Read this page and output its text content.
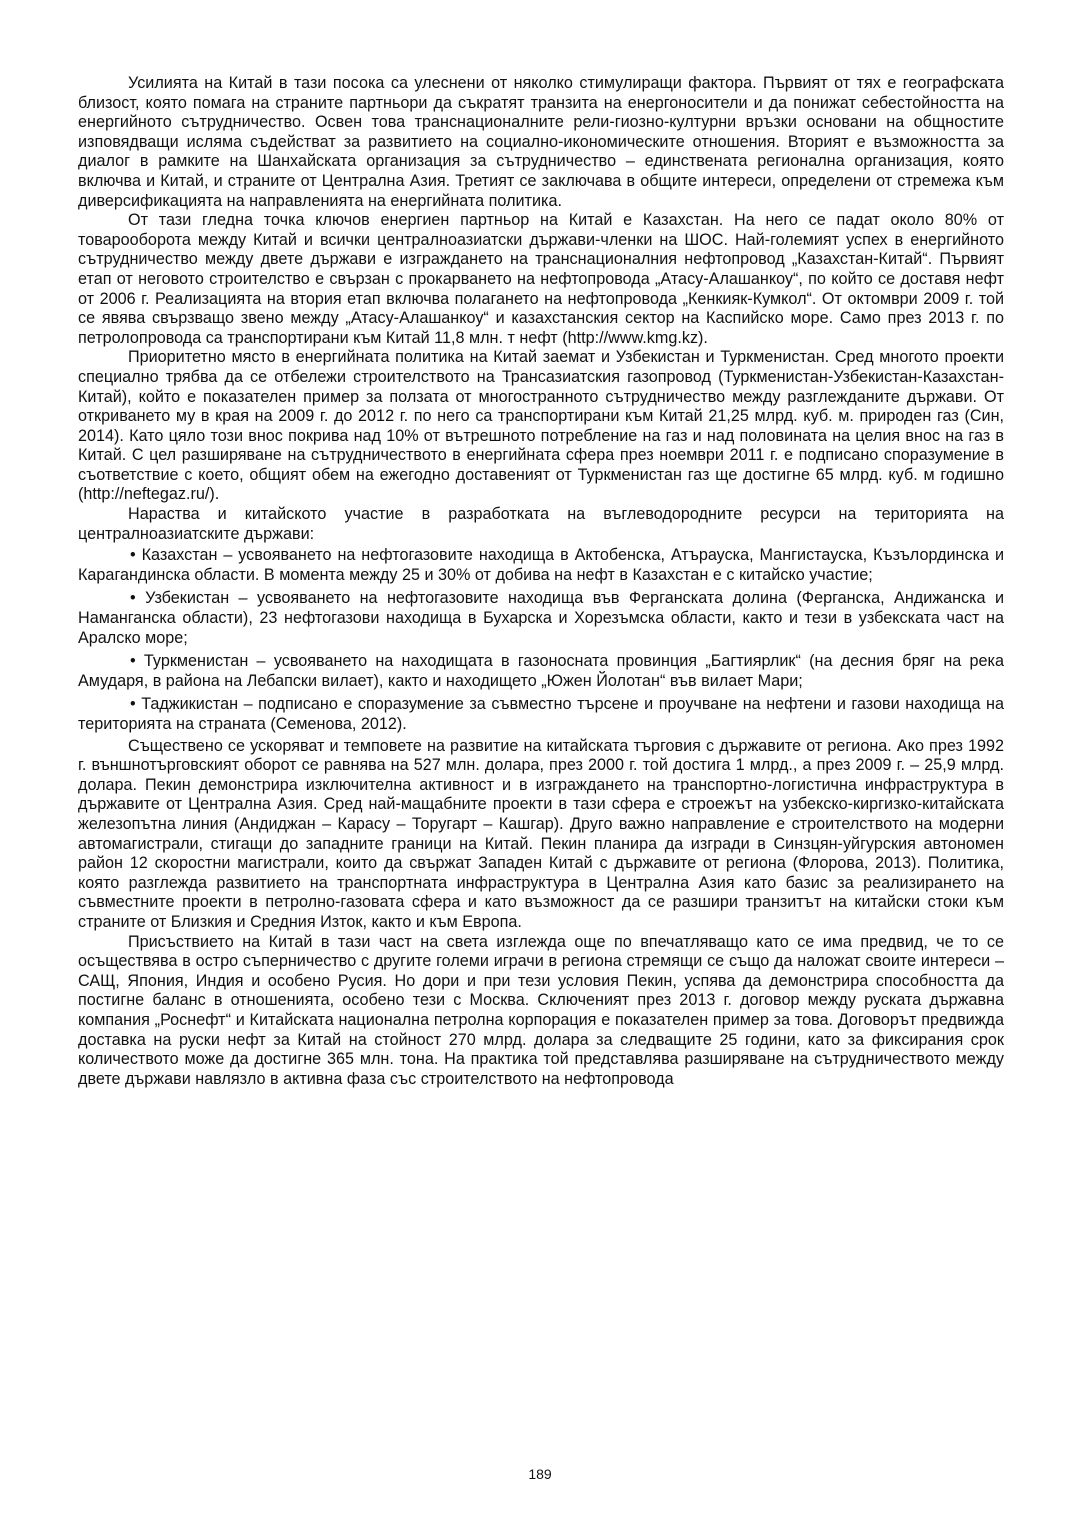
Усилията на Китай в тази посока са улеснени от няколко стимулиращи фактора. Първият от тях е географската близост, която помага на страните партньори да съкратят транзита на енергоносители и да понижат себестойността на енергийното сътрудничество. Освен това транснационалните рели-гиозно-културни връзки основани на общностите изповядващи исляма съдействат за развитието на социално-икономическите отношения. Вторият е възможността за диалог в рамките на Шанхайската организация за сътрудничество – единствената регионална организация, която включва и Китай, и страните от Централна Азия. Третият се заключава в общите интереси, определени от стремежа към диверсификацията на направленията на енергийната политика.

От тази гледна точка ключов енергиен партньор на Китай е Казахстан. На него се падат около 80% от товарооборота между Китай и всички централноазиатски държави-членки на ШОС. Най-големият успех в енергийното сътрудничество между двете държави е изграждането на транснационалния нефтопровод „Казахстан-Китай“. Първият етап от неговото строителство е свързан с прокарването на нефтопровода „Атасу-Алашанкоу“, по който се доставя нефт от 2006 г. Реализацията на втория етап включва полагането на нефтопровода „Кенкияк-Кумкол“. От октомври 2009 г. той се явява свързващо звено между „Атасу-Алашанкоу“ и казахстанския сектор на Каспийско море. Само през 2013 г. по петролопровода са транспортирани към Китай 11,8 млн. т нефт (http://www.kmg.kz).

Приоритетно място в енергийната политика на Китай заемат и Узбекистан и Туркменистан. Сред многото проекти специално трябва да се отбележи строителството на Трансазиатския газопровод (Туркменистан-Узбекистан-Казахстан-Китай), който е показателен пример за ползата от многостранното сътрудничество между разглежданите държави. От откриването му в края на 2009 г. до 2012 г. по него са транспортирани към Китай 21,25 млрд. куб. м. природен газ (Син, 2014). Като цяло този внос покрива над 10% от вътрешното потребление на газ и над половината на целия внос на газ в Китай. С цел разширяване на сътрудничеството в енергийната сфера през ноември 2011 г. е подписано споразумение в съответствие с което, общият обем на ежегодно доставеният от Туркменистан газ ще достигне 65 млрд. куб. м годишно (http://neftegaz.ru/).

Нараства и китайското участие в разработката на въглеводородните ресурси на територията на централноазиатските държави:

• Казахстан – усвояването на нефтогазовите находища в Актобенска, Атърауска, Мангистауска, Къзълординска и Карагандинска области. В момента между 25 и 30% от добива на нефт в Казахстан е с китайско участие;

• Узбекистан – усвояването на нефтогазовите находища във Ферганската долина (Ферганска, Андижанска и Наманганска области), 23 нефтогазови находища в Бухарска и Хорезъмска области, както и тези в узбекската част на Аралско море;

• Туркменистан – усвояването на находищата в газоносната провинция „Багтиярлик“ (на десния бряг на река Амударя, в района на Лебапски вилает), както и находището „Южен Йолотан“ във вилает Мари;

• Таджикистан – подписано е споразумение за съвместно търсене и проучване на нефтени и газови находища на територията на страната (Семенова, 2012).

Съществено се ускоряват и темповете на развитие на китайската търговия с държавите от региона. Ако през 1992 г. външнотърговският оборот се равнява на 527 млн. долара, през 2000 г. той достига 1 млрд., а през 2009 г. – 25,9 млрд. долара. Пекин демонстрира изключителна активност и в изграждането на транспортно-логистична инфраструктура в държавите от Централна Азия. Сред най-мащабните проекти в тази сфера е строежът на узбекско-киргизко-китайската железопътна линия (Андиджан – Карасу – Торугарт – Кашгар). Друго важно направление е строителството на модерни автомагистрали, стигащи до западните граници на Китай. Пекин планира да изгради в Синзцян-уйгурския автономен район 12 скоростни магистрали, които да свържат Западен Китай с държавите от региона (Флорова, 2013). Политика, която разглежда развитието на транспортната инфраструктура в Централна Азия като базис за реализирането на съвместните проекти в петролно-газовата сфера и като възможност да се разшири транзитът на китайски стоки към страните от Близкия и Средния Изток, както и към Европа.

Присъствието на Китай в тази част на света изглежда още по впечатляващо като се има предвид, че то се осъществява в остро съперничество с другите големи играчи в региона стремящи се също да наложат своите интереси – САЩ, Япония, Индия и особено Русия. Но дори и при тези условия Пекин, успява да демонстрира способността да постигне баланс в отношенията, особено тези с Москва. Сключеният през 2013 г. договор между руската държавна компания „Роснефт“ и Китайската национална петролна корпорация е показателен пример за това. Договорът предвижда доставка на руски нефт за Китай на стойност 270 млрд. долара за следващите 25 години, като за фиксирания срок количеството може да достигне 365 млн. тона. На практика той представлява разширяване на сътрудничеството между двете държави навлязло в активна фаза със строителството на нефтопровода

189
